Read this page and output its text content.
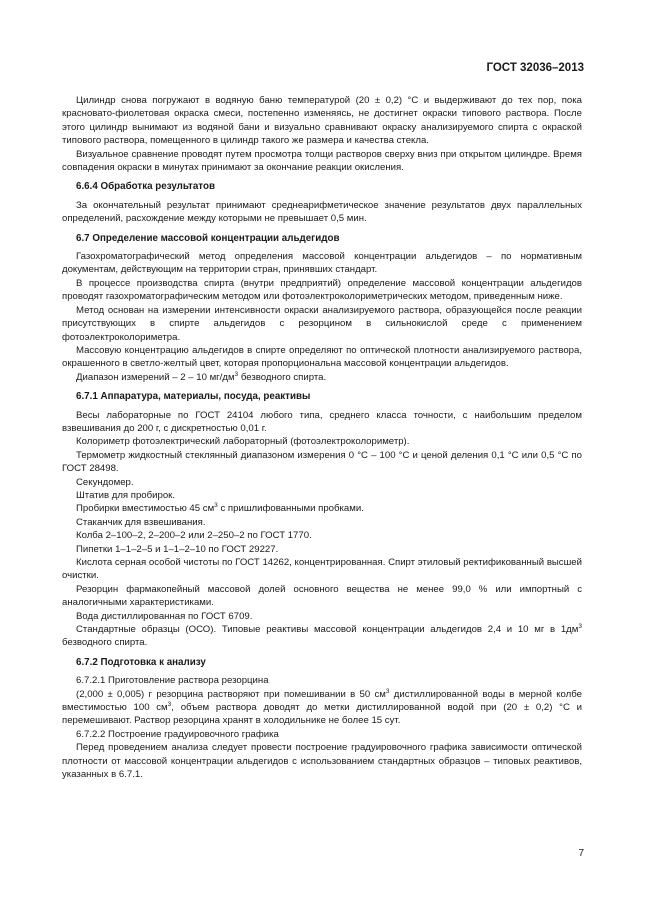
ГОСТ 32036–2013

Цилиндр снова погружают в водяную баню температурой (20 ± 0,2) °С и выдерживают до тех пор, пока красновато-фиолетовая окраска смеси, постепенно изменяясь, не достигнет окраски типового раствора. После этого цилиндр вынимают из водяной бани и визуально сравнивают окраску анализируемого спирта с окраской типового раствора, помещенного в цилиндр такого же размера и качества стекла.

Визуальное сравнение проводят путем просмотра толщи растворов сверху вниз при открытом цилиндре. Время совпадения окраски в минутах принимают за окончание реакции окисления.

6.6.4 Обработка результатов

За окончательный результат принимают среднеарифметическое значение результатов двух параллельных определений, расхождение между которыми не превышает 0,5 мин.

6.7 Определение массовой концентрации альдегидов

Газохроматографический метод определения массовой концентрации альдегидов – по нормативным документам, действующим на территории стран, принявших стандарт.

В процессе производства спирта (внутри предприятий) определение массовой концентрации альдегидов проводят газохроматографическим методом или фотоэлектроколориметрических методом, приведенным ниже.

Метод основан на измерении интенсивности окраски анализируемого раствора, образующейся после реакции присутствующих в спирте альдегидов с резорцином в сильнокислой среде с применением фотоэлектроколориметра.

Массовую концентрацию альдегидов в спирте определяют по оптической плотности анализируемого раствора, окрашенного в светло-желтый цвет, которая пропорциональна массовой концентрации альдегидов.

Диапазон измерений – 2 – 10 $мг/дм^3$ безводного спирта.

6.7.1 Аппаратура, материалы, посуда, реактивы

Весы лабораторные по ГОСТ 24104 любого типа, среднего класса точности, с наибольшим пределом взвешивания до 200 г, с дискретностью 0,01 г.

Колориметр фотоэлектрический лабораторный (фотоэлектроколориметр).

Термометр жидкостный стеклянный диапазоном измерения 0 °С – 100 °С и ценой деления 0,1 °С или 0,5 °С по ГОСТ 28498.

Секундомер.

Штатив для пробирок.

Пробирки вместимостью 45 $см^3$ с пришлифованными пробками.

Стаканчик для взвешивания.

Колба 2–100–2, 2–200–2 или 2–250–2 по ГОСТ 1770.

Пипетки 1–1–2–5 и 1–1–2–10 по ГОСТ 29227.

Кислота серная особой чистоты по ГОСТ 14262, концентрированная. Спирт этиловый ректификованный высшей очистки.

Резорцин фармакопейный массовой долей основного вещества не менее 99,0 % или импортный с аналогичными характеристиками.

Вода дистиллированная по ГОСТ 6709.

Стандартные образцы (ОСО). Типовые реактивы массовой концентрации альдегидов 2,4 и 10 мг в $1дм^3$ безводного спирта.

6.7.2 Подготовка к анализу

6.7.2.1 Приготовление раствора резорцина

(2,000 ± 0,005) г резорцина растворяют при помешивании в 50 $см^3$ дистиллированной воды в мерной колбе вместимостью 100 $см^3$, объем раствора доводят до метки дистиллированной водой при (20 ± 0,2) °С и перемешивают. Раствор резорцина хранят в холодильнике не более 15 сут.

6.7.2.2 Построение градуировочного графика

Перед проведением анализа следует провести построение градуировочного графика зависимости оптической плотности от массовой концентрации альдегидов с использованием стандартных образцов – типовых реактивов, указанных в 6.7.1.

7
